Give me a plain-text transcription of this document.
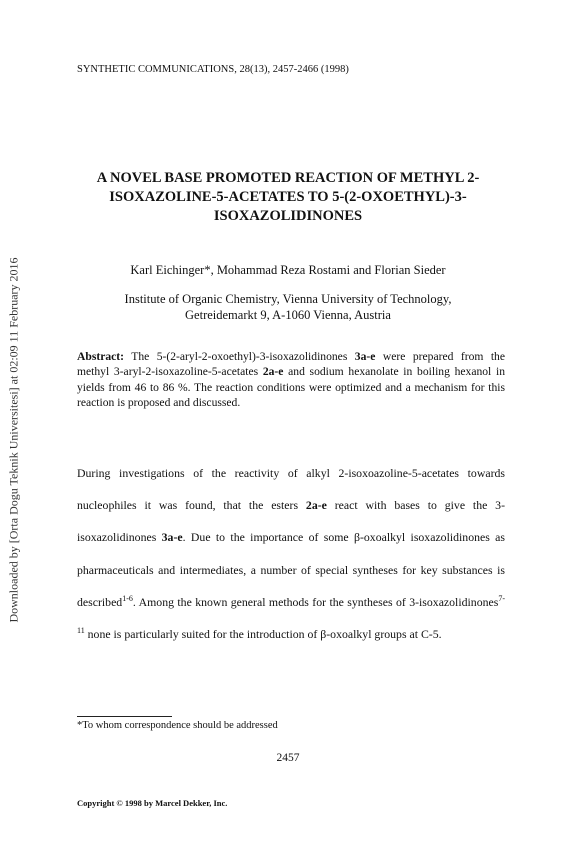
Downloaded by [Orta Dogu Teknik Universitesi] at 02:09 11 February 2016
SYNTHETIC COMMUNICATIONS, 28(13), 2457-2466 (1998)
A NOVEL BASE PROMOTED REACTION OF METHYL 2-ISOXAZOLINE-5-ACETATES TO 5-(2-OXOETHYL)-3-ISOXAZOLIDINONES
Karl Eichinger*, Mohammad Reza Rostami and Florian Sieder
Institute of Organic Chemistry, Vienna University of Technology,
Getreidemarkt 9, A-1060 Vienna, Austria
Abstract: The 5-(2-aryl-2-oxoethyl)-3-isoxazolidinones 3a-e were prepared from the methyl 3-aryl-2-isoxazoline-5-acetates 2a-e and sodium hexanolate in boiling hexanol in yields from 46 to 86 %. The reaction conditions were optimized and a mechanism for this reaction is proposed and discussed.
During investigations of the reactivity of alkyl 2-isoxoazoline-5-acetates towards nucleophiles it was found, that the esters 2a-e react with bases to give the 3-isoxazolidinones 3a-e. Due to the importance of some β-oxoalkyl isoxazolidinones as pharmaceuticals and intermediates, a number of special syntheses for key substances is described$^{1-6}$. Among the known general methods for the syntheses of 3-isoxazolidinones$^{7-11}$ none is particularly suited for the introduction of β-oxoalkyl groups at C-5.
*To whom correspondence should be addressed
2457
Copyright © 1998 by Marcel Dekker, Inc.
